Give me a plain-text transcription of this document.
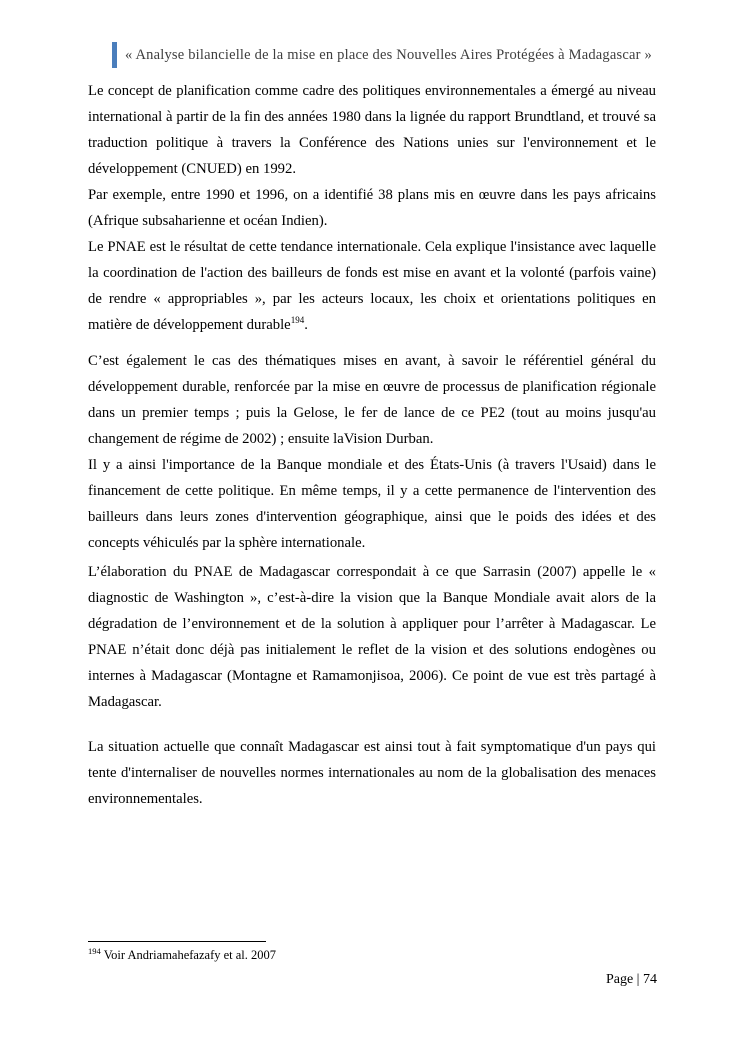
« Analyse bilancielle de la mise en place des Nouvelles Aires Protégées à Madagascar »

Le concept de planification comme cadre des politiques environnementales a émergé au niveau international à partir de la fin des années 1980 dans la lignée du rapport Brundtland, et trouvé sa traduction politique à travers la Conférence des Nations unies sur l'environnement et le développement (CNUED) en 1992.

Par exemple, entre 1990 et 1996, on a identifié 38 plans mis en œuvre dans les pays africains (Afrique subsaharienne et océan Indien).

Le PNAE est le résultat de cette tendance internationale. Cela explique l'insistance avec laquelle la coordination de l'action des bailleurs de fonds est mise en avant et la volonté (parfois vaine) de rendre « appropriables », par les acteurs locaux, les choix et orientations politiques en matière de développement durable$^{194}$.

C’est également le cas des thématiques mises en avant, à savoir le référentiel général du développement durable, renforcée par la mise en œuvre de processus de planification régionale dans un premier temps ; puis la Gelose, le fer de lance de ce PE2 (tout au moins jusqu'au changement de régime de 2002) ; ensuite laVision Durban.

Il y a ainsi l'importance de la Banque mondiale et des États-Unis (à travers l'Usaid) dans le financement de cette politique. En même temps, il y a cette permanence de l'intervention des bailleurs dans leurs zones d'intervention géographique, ainsi que le poids des idées et des concepts véhiculés par la sphère internationale.

L’élaboration du PNAE de Madagascar correspondait à ce que Sarrasin (2007) appelle le « diagnostic de Washington », c’est-à-dire la vision que la Banque Mondiale avait alors de la dégradation de l’environnement et de la solution à appliquer pour l’arrêter à Madagascar. Le PNAE n’était donc déjà pas initialement le reflet de la vision et des solutions endogènes ou internes à Madagascar (Montagne et Ramamonjisoa, 2006). Ce point de vue est très partagé à Madagascar.

La situation actuelle que connaît Madagascar est ainsi tout à fait symptomatique d'un pays qui tente d'internaliser de nouvelles normes internationales au nom de la globalisation des menaces environnementales.

$^{194}$ Voir Andriamahefazafy et al. 2007
Page | 74
